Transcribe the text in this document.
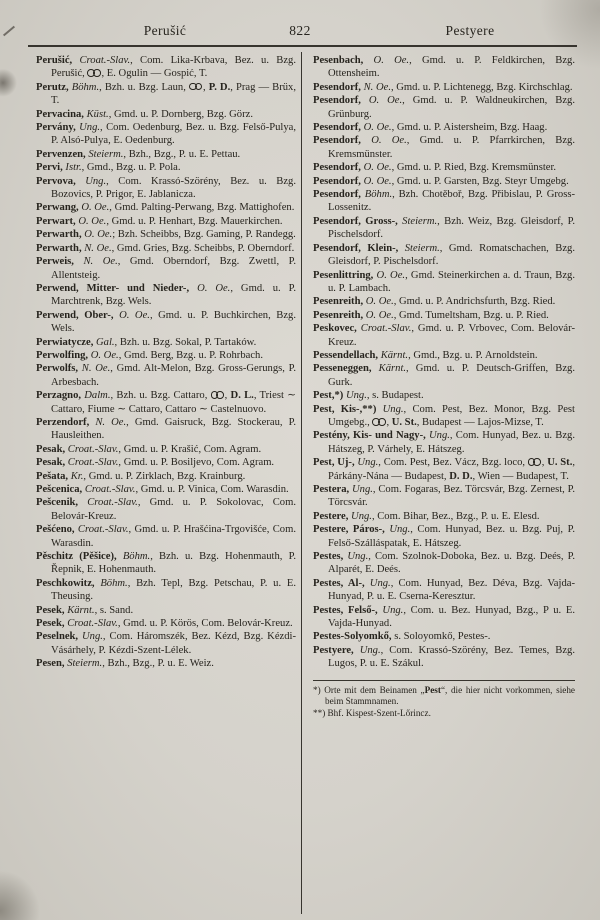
Perušić	822	Pestyere

Perušić, Croat.-Slav., Com. Lika-Krbava, Bez. u. Bzg. Perušić, , E. Ogulin — Gospić, T.

Perutz, Böhm., Bzh. u. Bzg. Laun, , P. D., Prag — Brüx, T.

Pervacina, Küst., Gmd. u. P. Dornberg, Bzg. Görz.

Pervány, Ung., Com. Oedenburg, Bez. u. Bzg. Felső-Pulya, P. Alsó-Pulya, E. Oedenburg.

Pervenzen, Steierm., Bzh., Bzg., P. u. E. Pettau.

Pervi, Istr., Gmd., Bzg. u. P. Pola.

Pervova, Ung., Com. Krassó-Szörény, Bez. u. Bzg. Bozovics, P. Prigor, E. Jablanicza.

Perwang, O. Oe., Gmd. Palting-Perwang, Bzg. Mattighofen.

Perwart, O. Oe., Gmd. u. P. Henhart, Bzg. Mauerkirchen.

Perwarth, O. Oe.; Bzh. Scheibbs, Bzg. Gaming, P. Randegg.

Perwarth, N. Oe., Gmd. Gries, Bzg. Scheibbs, P. Oberndorf.

Perweis, N. Oe., Gmd. Oberndorf, Bzg. Zwettl, P. Allentsteig.

Perwend, Mitter- und Nieder-, O. Oe., Gmd. u. P. Marchtrenk, Bzg. Wels.

Perwend, Ober-, O. Oe., Gmd. u. P. Buchkirchen, Bzg. Wels.

Perwiatycze, Gal., Bzh. u. Bzg. Sokal, P. Tartaków.

Perwolfing, O. Oe., Gmd. Berg, Bzg. u. P. Rohrbach.

Perwolfs, N. Oe., Gmd. Alt-Melon, Bzg. Gross-Gerungs, P. Arbesbach.

Perzagno, Dalm., Bzh. u. Bzg. Cattaro, , D. L., Triest ∼ Cattaro, Fiume ∼ Cattaro, Cattaro ∼ Castelnuovo.

Perzendorf, N. Oe., Gmd. Gaisruck, Bzg. Stockerau, P. Hausleithen.

Pesak, Croat.-Slav., Gmd. u. P. Krašić, Com. Agram.

Pesak, Croat.-Slav., Gmd. u. P. Bosiljevo, Com. Agram.

Pešata, Kr., Gmd. u. P. Zirklach, Bzg. Krainburg.

Pešcenica, Croat.-Slav., Gmd. u. P. Vinica, Com. Warasdin.

Pešcenik, Croat.-Slav., Gmd. u. P. Sokolovac, Com. Belovár-Kreuz.

Pešćeno, Croat.-Slav., Gmd. u. P. Hrašćina-Trgovišće, Com. Warasdin.

Pěschitz (Pěšice), Böhm., Bzh. u. Bzg. Hohenmauth, P. Řepnik, E. Hohenmauth.

Peschkowitz, Böhm., Bzh. Tepl, Bzg. Petschau, P. u. E. Theusing.

Pesek, Kärnt., s. Sand.

Pesek, Croat.-Slav., Gmd. u. P. Körös, Com. Belovár-Kreuz.

Peselnek, Ung., Com. Háromszék, Bez. Kézd, Bzg. Kézdi-Vásárhely, P. Kézdi-Szent-Lélek.

Pesen, Steierm., Bzh., Bzg., P. u. E. Weiz.

Pesenbach, O. Oe., Gmd. u. P. Feldkirchen, Bzg. Ottensheim.

Pesendorf, N. Oe., Gmd. u. P. Lichtenegg, Bzg. Kirchschlag.

Pesendorf, O. Oe., Gmd. u. P. Waldneukirchen, Bzg. Grünburg.

Pesendorf, O. Oe., Gmd. u. P. Aistersheim, Bzg. Haag.

Pesendorf, O. Oe., Gmd. u. P. Pfarrkirchen, Bzg. Kremsmünster.

Pesendorf, O. Oe., Gmd. u. P. Ried, Bzg. Kremsmünster.

Pesendorf, O. Oe., Gmd. u. P. Garsten, Bzg. Steyr Umgebg.

Pesendorf, Böhm., Bzh. Chotěboř, Bzg. Přibislau, P. Gross-Lossenitz.

Pesendorf, Gross-, Steierm., Bzh. Weiz, Bzg. Gleisdorf, P. Pischelsdorf.

Pesendorf, Klein-, Steierm., Gmd. Romatschachen, Bzg. Gleisdorf, P. Pischelsdorf.

Pesenlittring, O. Oe., Gmd. Steinerkirchen a. d. Traun, Bzg. u. P. Lambach.

Pesenreith, O. Oe., Gmd. u. P. Andrichsfurth, Bzg. Ried.

Pesenreith, O. Oe., Gmd. Tumeltsham, Bzg. u. P. Ried.

Peskovec, Croat.-Slav., Gmd. u. P. Vrbovec, Com. Belovár-Kreuz.

Pessendellach, Kärnt., Gmd., Bzg. u. P. Arnoldstein.

Pesseneggen, Kärnt., Gmd. u. P. Deutsch-Griffen, Bzg. Gurk.

Pest,*) Ung., s. Budapest.

Pest, Kis-,**) Ung., Com. Pest, Bez. Monor, Bzg. Pest Umgebg., , U. St., Budapest — Lajos-Mizse, T.

Pestény, Kis- und Nagy-, Ung., Com. Hunyad, Bez. u. Bzg. Hátszeg, P. Várhely, E. Hátszeg.

Pest, Uj-, Ung., Com. Pest, Bez. Vácz, Bzg. loco, , U. St., Párkány-Nána — Budapest, D. D., Wien — Budapest, T.

Pestera, Ung., Com. Fogaras, Bez. Törcsvár, Bzg. Zernest, P. Törcsvár.

Pestere, Ung., Com. Bihar, Bez., Bzg., P. u. E. Elesd.

Pestere, Páros-, Ung., Com. Hunyad, Bez. u. Bzg. Puj, P. Felső-Szálláspatak, E. Hátszeg.

Pestes, Ung., Com. Szolnok-Doboka, Bez. u. Bzg. Deés, P. Alparét, E. Deés.

Pestes, Al-, Ung., Com. Hunyad, Bez. Déva, Bzg. Vajda-Hunyad, P. u. E. Cserna-Keresztur.

Pestes, Felső-, Ung., Com. u. Bez. Hunyad, Bzg., P u. E. Vajda-Hunyad.

Pestes-Solyomkő, s. Soloyomkő, Pestes-.

Pestyere, Ung., Com. Krassó-Szörény, Bez. Temes, Bzg. Lugos, P. u. E. Szákul.

*) Orte mit dem Beinamen „Pest“, die hier nicht vorkommen, siehe beim Stammnamen.

**) Bhf. Kispest-Szent-Lőrincz.
